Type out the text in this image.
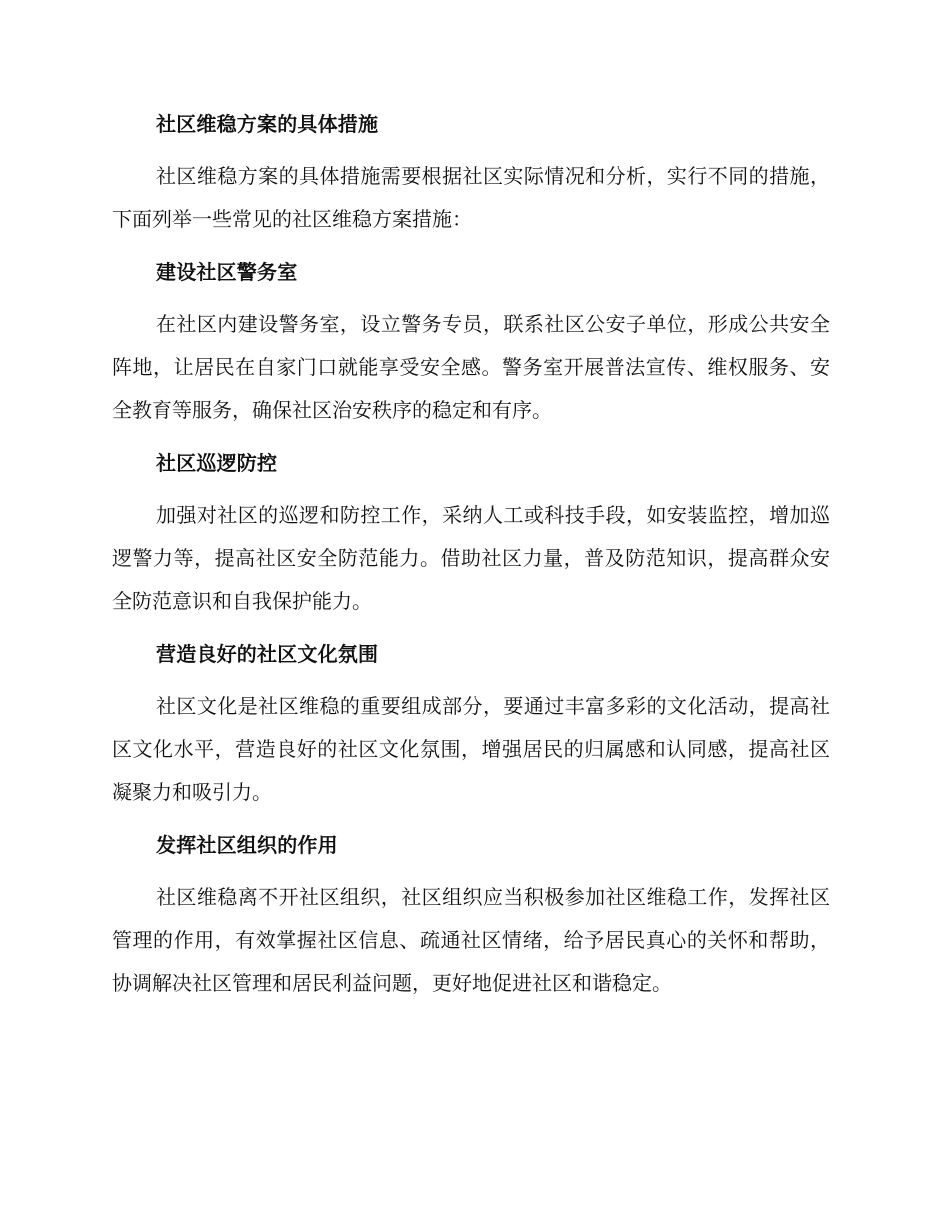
社区维稳方案的具体措施

社区维稳方案的具体措施需要根据社区实际情况和分析，实行不同的措施，下面列举一些常见的社区维稳方案措施：

建设社区警务室

在社区内建设警务室，设立警务专员，联系社区公安子单位，形成公共安全阵地，让居民在自家门口就能享受安全感。警务室开展普法宣传、维权服务、安全教育等服务，确保社区治安秩序的稳定和有序。

社区巡逻防控

加强对社区的巡逻和防控工作，采纳人工或科技手段，如安装监控，增加巡逻警力等，提高社区安全防范能力。借助社区力量，普及防范知识，提高群众安全防范意识和自我保护能力。

营造良好的社区文化氛围

社区文化是社区维稳的重要组成部分，要通过丰富多彩的文化活动，提高社区文化水平，营造良好的社区文化氛围，增强居民的归属感和认同感，提高社区凝聚力和吸引力。

发挥社区组织的作用

社区维稳离不开社区组织，社区组织应当积极参加社区维稳工作，发挥社区管理的作用，有效掌握社区信息、疏通社区情绪，给予居民真心的关怀和帮助，协调解决社区管理和居民利益问题，更好地促进社区和谐稳定。
